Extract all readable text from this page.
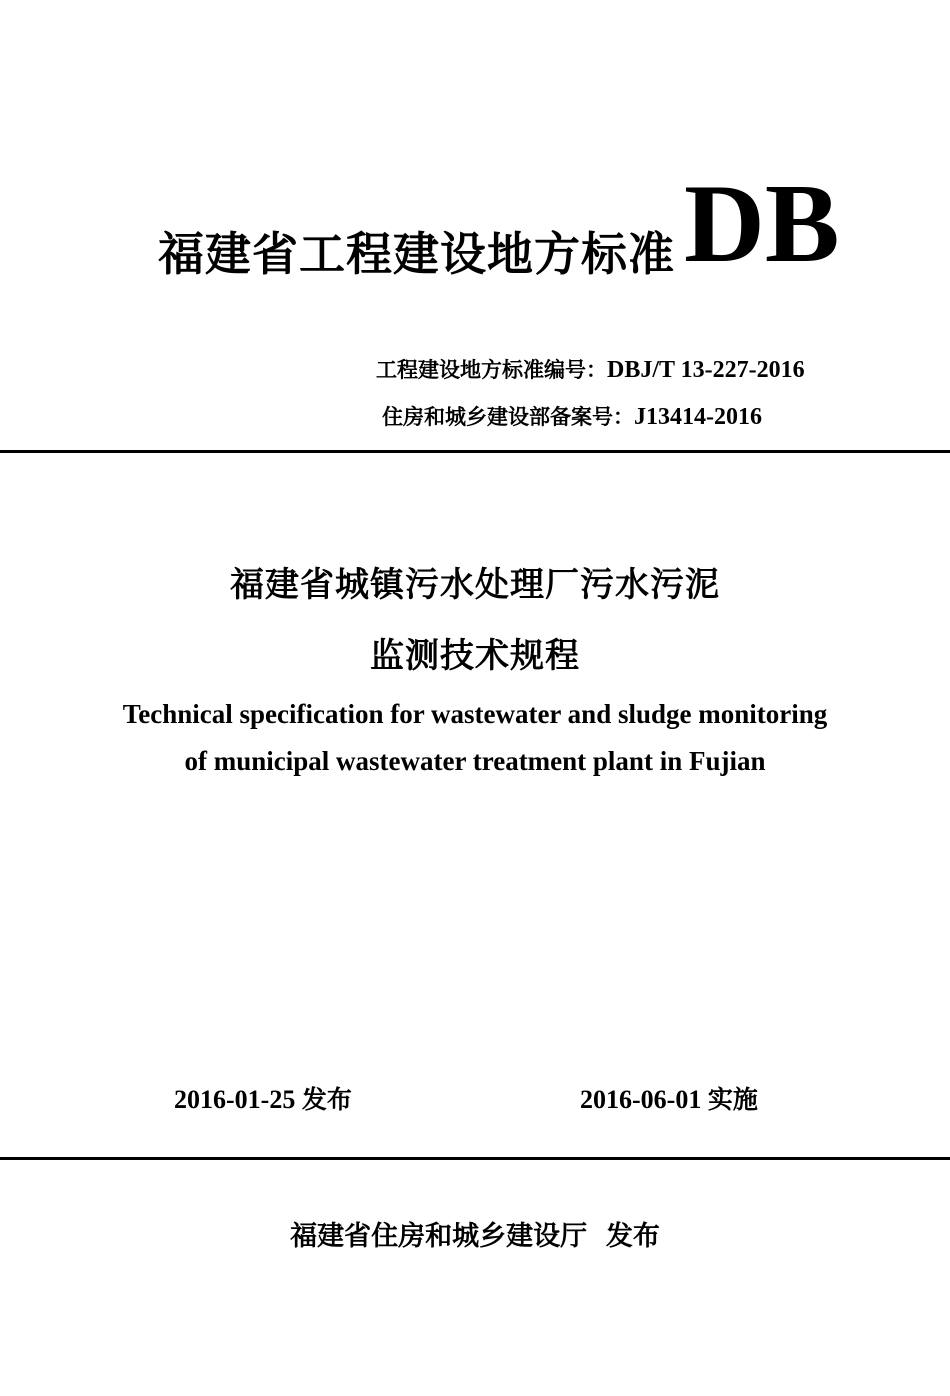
福建省工程建设地方标准 DB
工程建设地方标准编号：DBJ/T 13-227-2016
住房和城乡建设部备案号：J13414-2016
福建省城镇污水处理厂污水污泥
监测技术规程
Technical specification for wastewater and sludge monitoring
of municipal wastewater treatment plant in Fujian
2016-01-25 发布	2016-06-01 实施
福建省住房和城乡建设厅 发布
